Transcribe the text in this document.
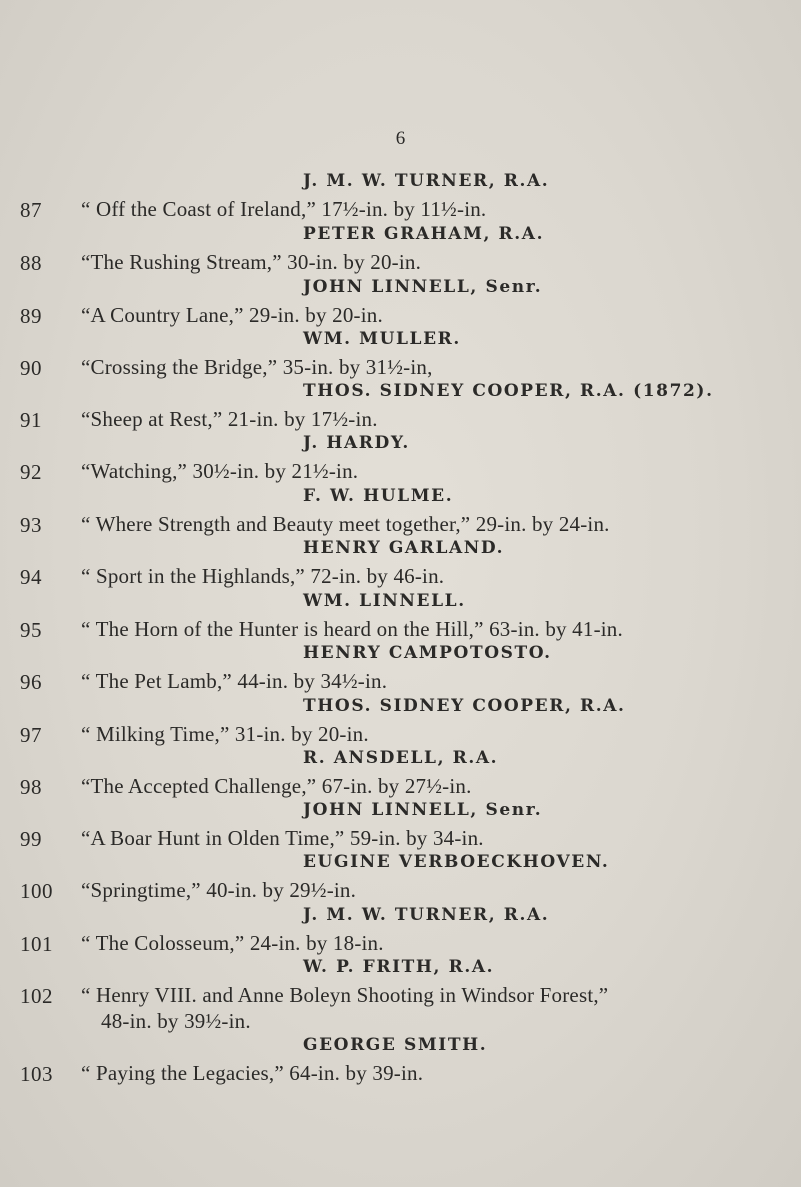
6
J. M. W. TURNER, R.A.
87	“ Off the Coast of Ireland,” 17½-in. by 11½-in.
PETER GRAHAM, R.A.
88	“The Rushing Stream,” 30-in. by 20-in.
JOHN LINNELL, Senr.
89	“A Country Lane,” 29-in. by 20-in.
WM. MULLER.
90	“Crossing the Bridge,” 35-in. by 31½-in,
THOS. SIDNEY COOPER, R.A. (1872).
91	“Sheep at Rest,” 21-in. by 17½-in.
J. HARDY.
92	“Watching,” 30½-in. by 21½-in.
F. W. HULME.
93	“ Where Strength and Beauty meet together,” 29-in. by 24-in.
HENRY GARLAND.
94	“ Sport in the Highlands,” 72-in. by 46-in.
WM. LINNELL.
95	“ The Horn of the Hunter is heard on the Hill,” 63-in. by 41-in.
HENRY CAMPOTOSTO.
96	“ The Pet Lamb,” 44-in. by 34½-in.
THOS. SIDNEY COOPER, R.A.
97	“ Milking Time,” 31-in. by 20-in.
R. ANSDELL, R.A.
98	“The Accepted Challenge,” 67-in. by 27½-in.
JOHN LINNELL, Senr.
99	“A Boar Hunt in Olden Time,” 59-in. by 34-in.
EUGINE VERBOECKHOVEN.
100	“Springtime,” 40-in. by 29½-in.
J. M. W. TURNER, R.A.
101	“ The Colosseum,” 24-in. by 18-in.
W. P. FRITH, R.A.
102	“ Henry VIII. and Anne Boleyn Shooting in Windsor Forest,”
48-in. by 39½-in.
GEORGE SMITH.
103	“ Paying the Legacies,” 64-in. by 39-in.
